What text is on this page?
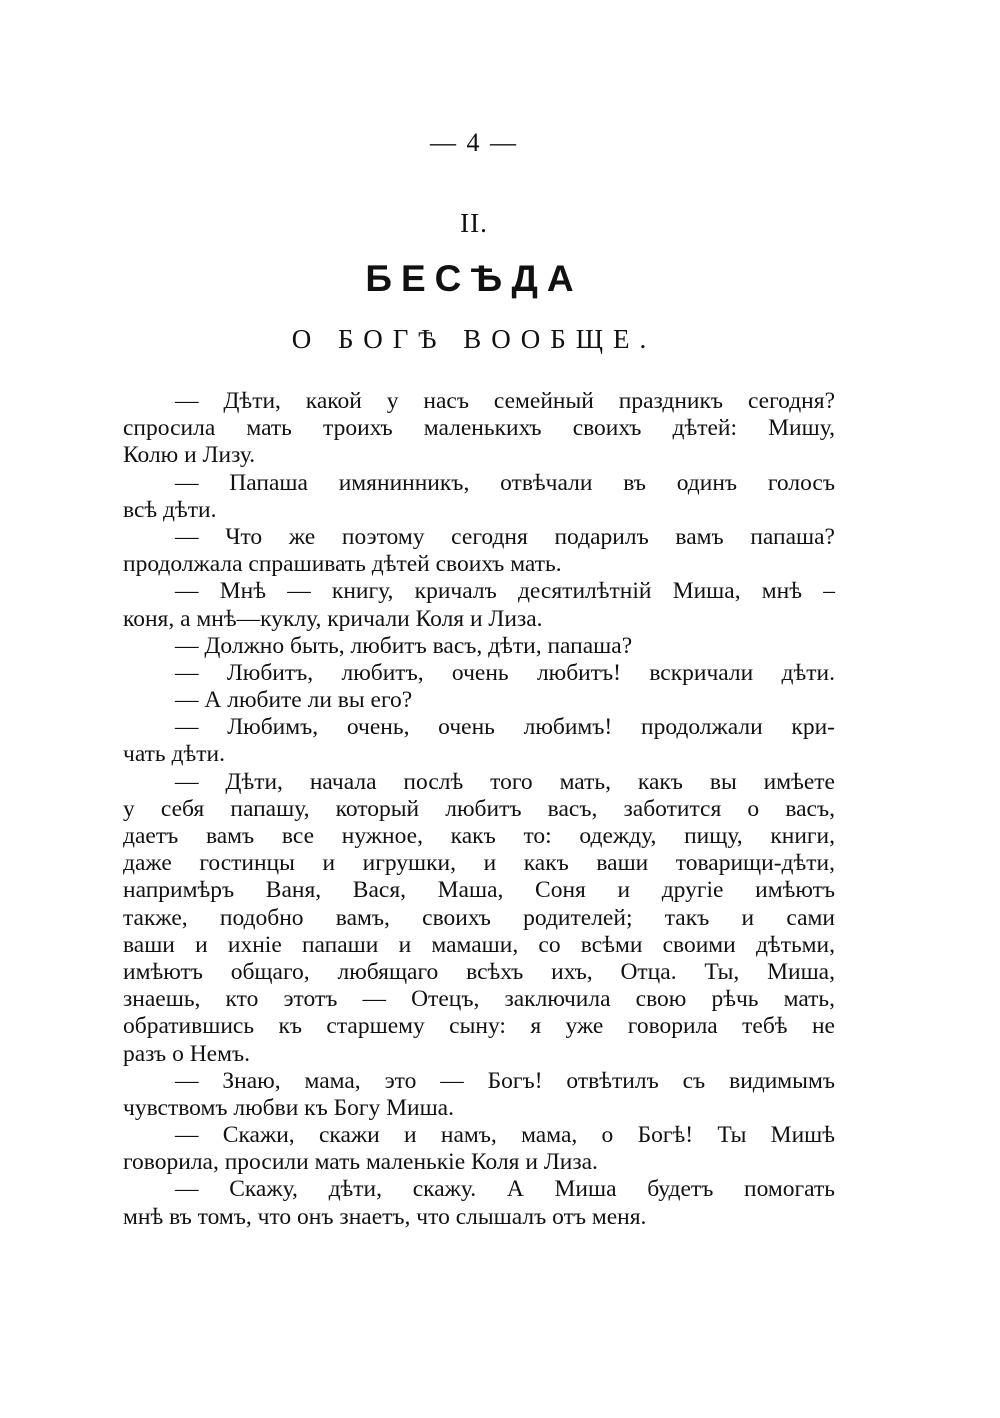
— 4 —
II.
БЕСѢДА
О БОГѢ ВООБЩЕ.
— Дѣти, какой у насъ семейный праздникъ сегодня?
спросила мать троихъ маленькихъ своихъ дѣтей: Мишу,
Колю и Лизу.
— Папаша имянинникъ, отвѣчали въ одинъ голосъ
всѣ дѣти.
— Что же поэтому сегодня подарилъ вамъ папаша?
продолжала спрашивать дѣтей своихъ мать.
— Мнѣ — книгу, кричалъ десятилѣтній Миша, мнѣ –
коня, а мнѣ—куклу, кричали Коля и Лиза.
— Должно быть, любитъ васъ, дѣти, папаша?
— Любитъ, любитъ, очень любитъ! вскричали дѣти.
— А любите ли вы его?
— Любимъ, очень, очень любимъ! продолжали кри-
чать дѣти.
— Дѣти, начала послѣ того мать, какъ вы имѣете
у себя папашу, который любитъ васъ, заботится о васъ,
даетъ вамъ все нужное, какъ то: одежду, пищу, книги,
даже гостинцы и игрушки, и какъ ваши товарищи-дѣти,
напримѣръ Ваня, Вася, Маша, Соня и другіе имѣютъ
также, подобно вамъ, своихъ родителей; такъ и сами
ваши и ихніе папаши и мамаши, со всѣми своими дѣтьми,
имѣютъ общаго, любящаго всѣхъ ихъ, Отца. Ты, Миша,
знаешь, кто этотъ — Отецъ, заключила свою рѣчь мать,
обратившись къ старшему сыну: я уже говорила тебѣ не
разъ о Немъ.
— Знаю, мама, это — Богъ! отвѣтилъ съ видимымъ
чувствомъ любви къ Богу Миша.
— Скажи, скажи и намъ, мама, о Богѣ! Ты Мишѣ
говорила, просили мать маленькіе Коля и Лиза.
— Скажу, дѣти, скажу. А Миша будетъ помогать
мнѣ въ томъ, что онъ знаетъ, что слышалъ отъ меня.
